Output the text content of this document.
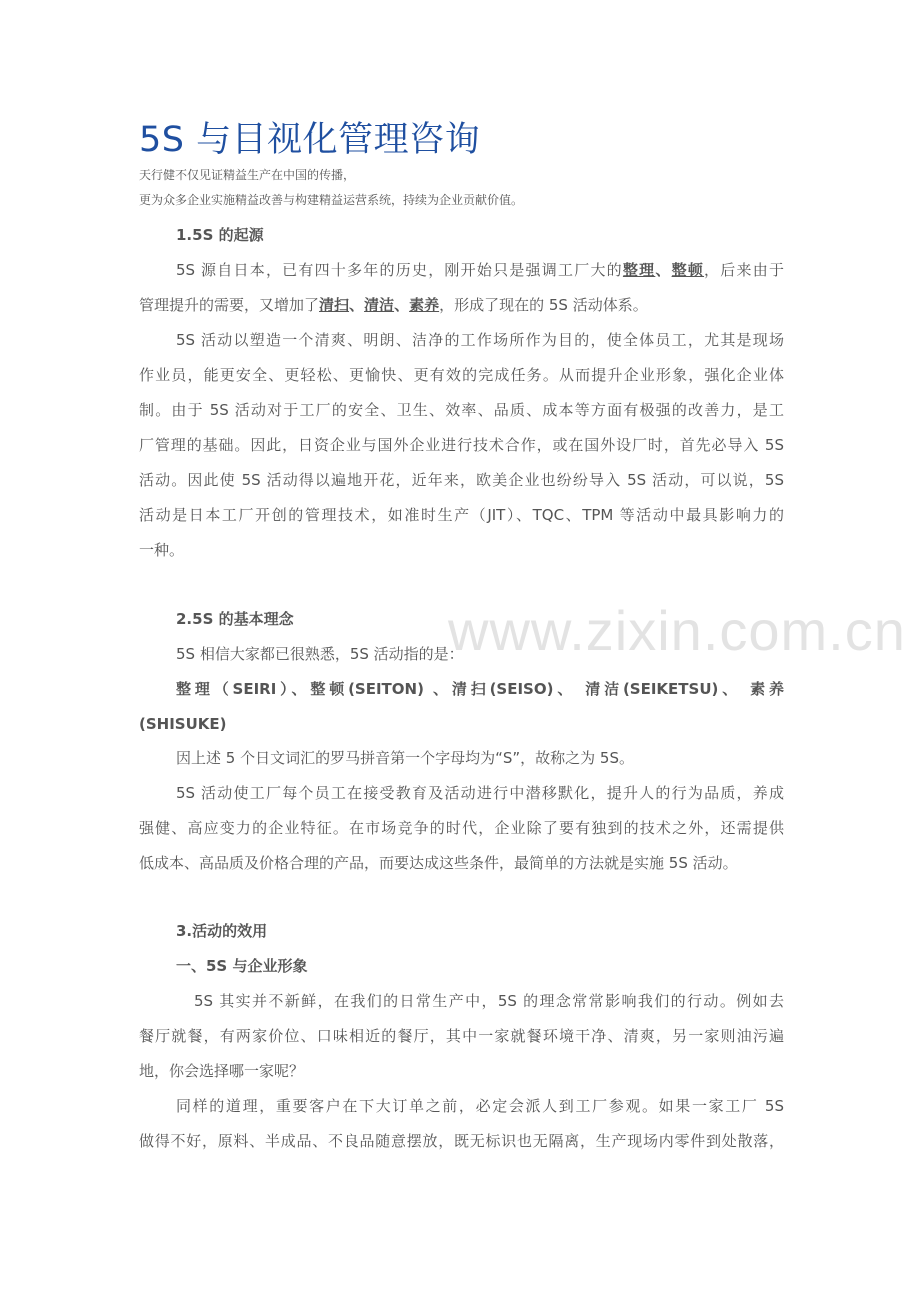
www.zixin.com.cn
5S 与目视化管理咨询
天行健不仅见证精益生产在中国的传播，
更为众多企业实施精益改善与构建精益运营系统，持续为企业贡献价值。
1.5S 的起源
5S 源自日本，已有四十多年的历史，刚开始只是强调工厂大的整理、整顿，后来由于
管理提升的需要，又增加了清扫、清洁、素养，形成了现在的 5S 活动体系。
5S 活动以塑造一个清爽、明朗、洁净的工作场所作为目的，使全体员工，尤其是现场
作业员，能更安全、更轻松、更愉快、更有效的完成任务。从而提升企业形象，强化企业体
制。由于 5S 活动对于工厂的安全、卫生、效率、品质、成本等方面有极强的改善力，是工
厂管理的基础。因此，日资企业与国外企业进行技术合作，或在国外设厂时，首先必导入 5S
活动。因此使 5S 活动得以遍地开花，近年来，欧美企业也纷纷导入 5S 活动，可以说，5S
活动是日本工厂开创的管理技术，如准时生产（JIT）、TQC、TPM 等活动中最具影响力的
一种。
2.5S 的基本理念
5S 相信大家都已很熟悉，5S 活动指的是：
整理（SEIRI）、整顿(SEITON) 、清扫(SEISO)、 清洁(SEIKETSU)、 素养
(SHISUKE)
因上述 5 个日文词汇的罗马拼音第一个字母均为“S”，故称之为 5S。
5S 活动使工厂每个员工在接受教育及活动进行中潜移默化，提升人的行为品质，养成
强健、高应变力的企业特征。在市场竞争的时代，企业除了要有独到的技术之外，还需提供
低成本、高品质及价格合理的产品，而要达成这些条件，最简单的方法就是实施 5S 活动。
3.活动的效用
一、5S 与企业形象
5S 其实并不新鲜，在我们的日常生产中，5S 的理念常常影响我们的行动。例如去
餐厅就餐，有两家价位、口味相近的餐厅，其中一家就餐环境干净、清爽，另一家则油污遍
地，你会选择哪一家呢？
同样的道理，重要客户在下大订单之前，必定会派人到工厂参观。如果一家工厂 5S
做得不好，原料、半成品、不良品随意摆放，既无标识也无隔离，生产现场内零件到处散落，
